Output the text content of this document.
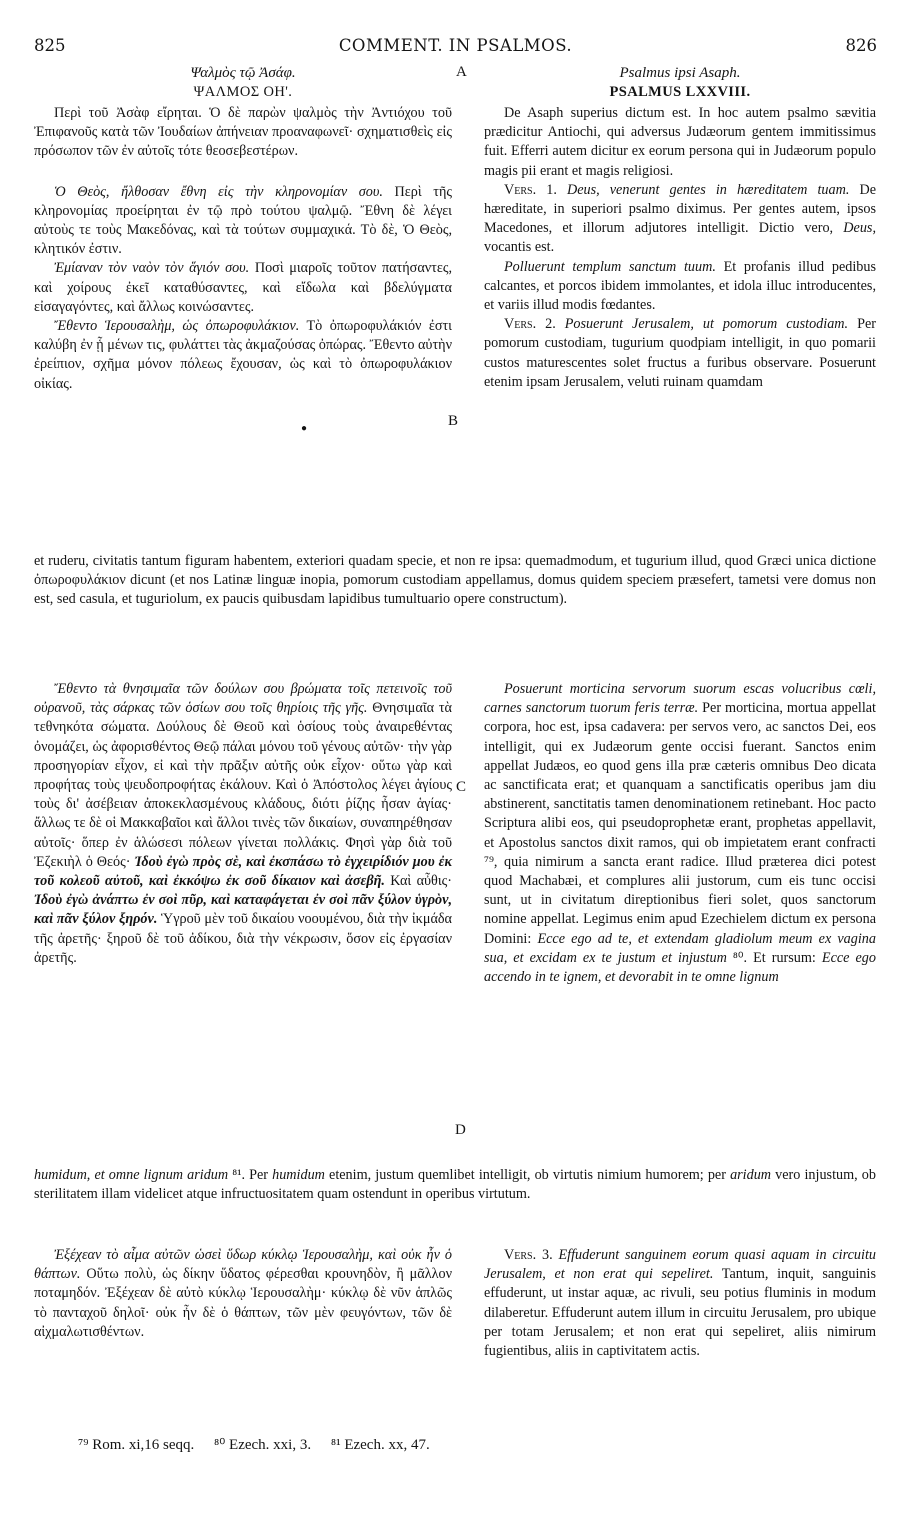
825	COMMENT. IN PSALMOS.	826
Ψαλμὸς τῷ Ἀσάφ.
ΨΑΛΜΟΣ ΟΗ'.
Psalmus ipsi Asaph.
PSALMUS LXXVIII.
A
B
C
D
●

Περὶ τοῦ Ἀσὰφ εἴρηται. Ὁ δὲ παρὼν ψαλμὸς τὴν Ἀντιόχου τοῦ Ἐπιφανοῦς κατὰ τῶν Ἰουδαίων ἀπήνειαν προαναφωνεῖ· σχηματισθεὶς εἰς πρόσωπον τῶν ἐν αὐτοῖς τότε θεοσεβεστέρων.

Ὁ Θεὸς, ἤλθοσαν ἔθνη εἰς τὴν κληρονομίαν σου. Περὶ τῆς κληρονομίας προείρηται ἐν τῷ πρὸ τούτου ψαλμῷ. Ἔθνη δὲ λέγει αὐτοὺς τε τοὺς Μακεδόνας, καὶ τὰ τούτων συμμαχικά. Τὸ δὲ, Ὁ Θεὸς, κλητικόν ἐστιν.

Ἐμίαναν τὸν ναὸν τὸν ἅγιόν σου. Ποσὶ μιαροῖς τοῦτον πατήσαντες, καὶ χοίρους ἐκεῖ καταθύσαντες, καὶ εἴδωλα καὶ βδελύγματα εἰσαγαγόντες, καὶ ἄλλως κοινώσαντες.

Ἔθεντο Ἱερουσαλὴμ, ὡς ὀπωροφυλάκιον. Τὸ ὀπωροφυλάκιόν ἐστι καλύβη ἐν ᾗ μένων τις, φυλάττει τὰς ἀκμαζούσας ὀπώρας. Ἔθεντο αὐτὴν ἐρείπιον, σχῆμα μόνον πόλεως ἔχουσαν, ὡς καὶ τὸ ὀπωροφυλάκιον οἰκίας.

De Asaph superius dictum est. In hoc autem psalmo sævitia prædicitur Antiochi, qui adversus Judæorum gentem immitissimus fuit. Efferri autem dicitur ex eorum persona qui in Judæorum populo magis pii erant et magis religiosi.

Vers. 1. Deus, venerunt gentes in hæreditatem tuam. De hæreditate, in superiori psalmo diximus. Per gentes autem, ipsos Macedones, et illorum adjutores intelligit. Dictio vero, Deus, vocantis est.

Polluerunt templum sanctum tuum. Et profanis illud pedibus calcantes, et porcos ibidem immolantes, et idola illuc introducentes, et variis illud modis fœdantes.

Vers. 2. Posuerunt Jerusalem, ut pomorum custodiam. Per pomorum custodiam, tugurium quodpiam intelligit, in quo pomarii custos maturescentes solet fructus a furibus observare. Posuerunt etenim ipsam Jerusalem, veluti ruinam quamdam

et ruderu, civitatis tantum figuram habentem, exteriori quadam specie, et non re ipsa: quemadmodum, et tugurium illud, quod Græci unica dictione ὀπωροφυλάκιον dicunt (et nos Latinæ linguæ inopia, pomorum custodiam appellamus, domus quidem speciem præsefert, tametsi vere domus non est, sed casula, et tuguriolum, ex paucis quibusdam lapidibus tumultuario opere constructum).

Ἔθεντο τὰ θνησιμαῖα τῶν δούλων σου βρώματα τοῖς πετεινοῖς τοῦ οὐρανοῦ, τὰς σάρκας τῶν ὁσίων σου τοῖς θηρίοις τῆς γῆς. Θνησιμαῖα τὰ τεθνηκότα σώματα. Δούλους δὲ Θεοῦ καὶ ὁσίους τοὺς ἀναιρεθέντας ὀνομάζει, ὡς ἀφορισθέντος Θεῷ πάλαι μόνου τοῦ γένους αὐτῶν· τὴν γὰρ προσηγορίαν εἶχον, εἰ καὶ τὴν πρᾶξιν αὐτῆς οὐκ εἶχον· οὕτω γὰρ καὶ προφήτας τοὺς ψευδοπροφήτας ἐκάλουν. Καὶ ὁ Ἀπόστολος λέγει ἁγίους τοὺς δι' ἀσέβειαν ἀποκεκλασμένους κλάδους, διότι ῥίζης ἦσαν ἁγίας· ἄλλως τε δὲ οἱ Μακκαβαῖοι καὶ ἄλλοι τινὲς τῶν δικαίων, συναπηρέθησαν αὐτοῖς· ὅπερ ἐν ἁλώσεσι πόλεων γίνεται πολλάκις. Φησὶ γὰρ διὰ τοῦ Ἐζεκιὴλ ὁ Θεός· Ἰδοὺ ἐγὼ πρὸς σὲ, καὶ ἐκσπάσω τὸ ἐγχειρίδιόν μου ἐκ τοῦ κολεοῦ αὐτοῦ, καὶ ἐκκόψω ἐκ σοῦ δίκαιον καὶ ἀσεβῆ. Καὶ αὖθις· Ἰδοὺ ἐγὼ ἀνάπτω ἐν σοὶ πῦρ, καὶ καταφάγεται ἐν σοὶ πᾶν ξύλον ὑγρὸν, καὶ πᾶν ξύλον ξηρόν. Ὑγροῦ μὲν τοῦ δικαίου νοουμένου, διὰ τὴν ἰκμάδα τῆς ἀρετῆς· ξηροῦ δὲ τοῦ ἀδίκου, διὰ τὴν νέκρωσιν, ὅσον εἰς ἐργασίαν ἀρετῆς.

Posuerunt morticina servorum suorum escas volucribus cœli, carnes sanctorum tuorum feris terræ. Per morticina, mortua appellat corpora, hoc est, ipsa cadavera: per servos vero, ac sanctos Dei, eos intelligit, qui ex Judæorum gente occisi fuerant. Sanctos enim appellat Judæos, eo quod gens illa præ cæteris omnibus Deo dicata ac sanctificata erat; et quanquam a sanctificatis operibus jam diu abstinerent, sanctitatis tamen denominationem retinebant. Hoc pacto Scriptura alibi eos, qui pseudoprophetæ erant, prophetas appellavit, et Apostolus sanctos dixit ramos, qui ob impietatem erant confracti ⁷⁹, quia nimirum a sancta erant radice. Illud præterea dici potest quod Machabæi, et complures alii justorum, cum eis tunc occisi sunt, ut in civitatum direptionibus fieri solet, quos sanctorum nomine appellat. Legimus enim apud Ezechielem dictum ex persona Domini: Ecce ego ad te, et extendam gladiolum meum ex vagina sua, et excidam ex te justum et injustum ⁸⁰. Et rursum: Ecce ego accendo in te ignem, et devorabit in te omne lignum

humidum, et omne lignum aridum ⁸¹. Per humidum etenim, justum quemlibet intelligit, ob virtutis nimium humorem; per aridum vero injustum, ob sterilitatem illam videlicet atque infructuositatem quam ostendunt in operibus virtutum.

Ἐξέχεαν τὸ αἷμα αὐτῶν ὡσεὶ ὕδωρ κύκλῳ Ἱερουσαλὴμ, καὶ οὐκ ἦν ὁ θάπτων. Οὕτω πολὺ, ὡς δίκην ὕδατος φέρεσθαι κρουνηδὸν, ἢ μᾶλλον ποταμηδόν. Ἐξέχεαν δὲ αὐτὸ κύκλῳ Ἱερουσαλὴμ· κύκλῳ δὲ νῦν ἁπλῶς τὸ πανταχοῦ δηλοῖ· οὐκ ἦν δὲ ὁ θάπτων, τῶν μὲν φευγόντων, τῶν δὲ αἰχμαλωτισθέντων.

Vers. 3. Effuderunt sanguinem eorum quasi aquam in circuitu Jerusalem, et non erat qui sepeliret. Tantum, inquit, sanguinis effuderunt, ut instar aquæ, ac rivuli, seu potius fluminis in modum dilaberetur. Effuderunt autem illum in circuitu Jerusalem, pro ubique per totam Jerusalem; et non erat qui sepeliret, aliis nimirum fugientibus, aliis in captivitatem actis.

⁷⁹ Rom. xi,16 seqq. ⁸⁰ Ezech. xxi, 3. ⁸¹ Ezech. xx, 47.
